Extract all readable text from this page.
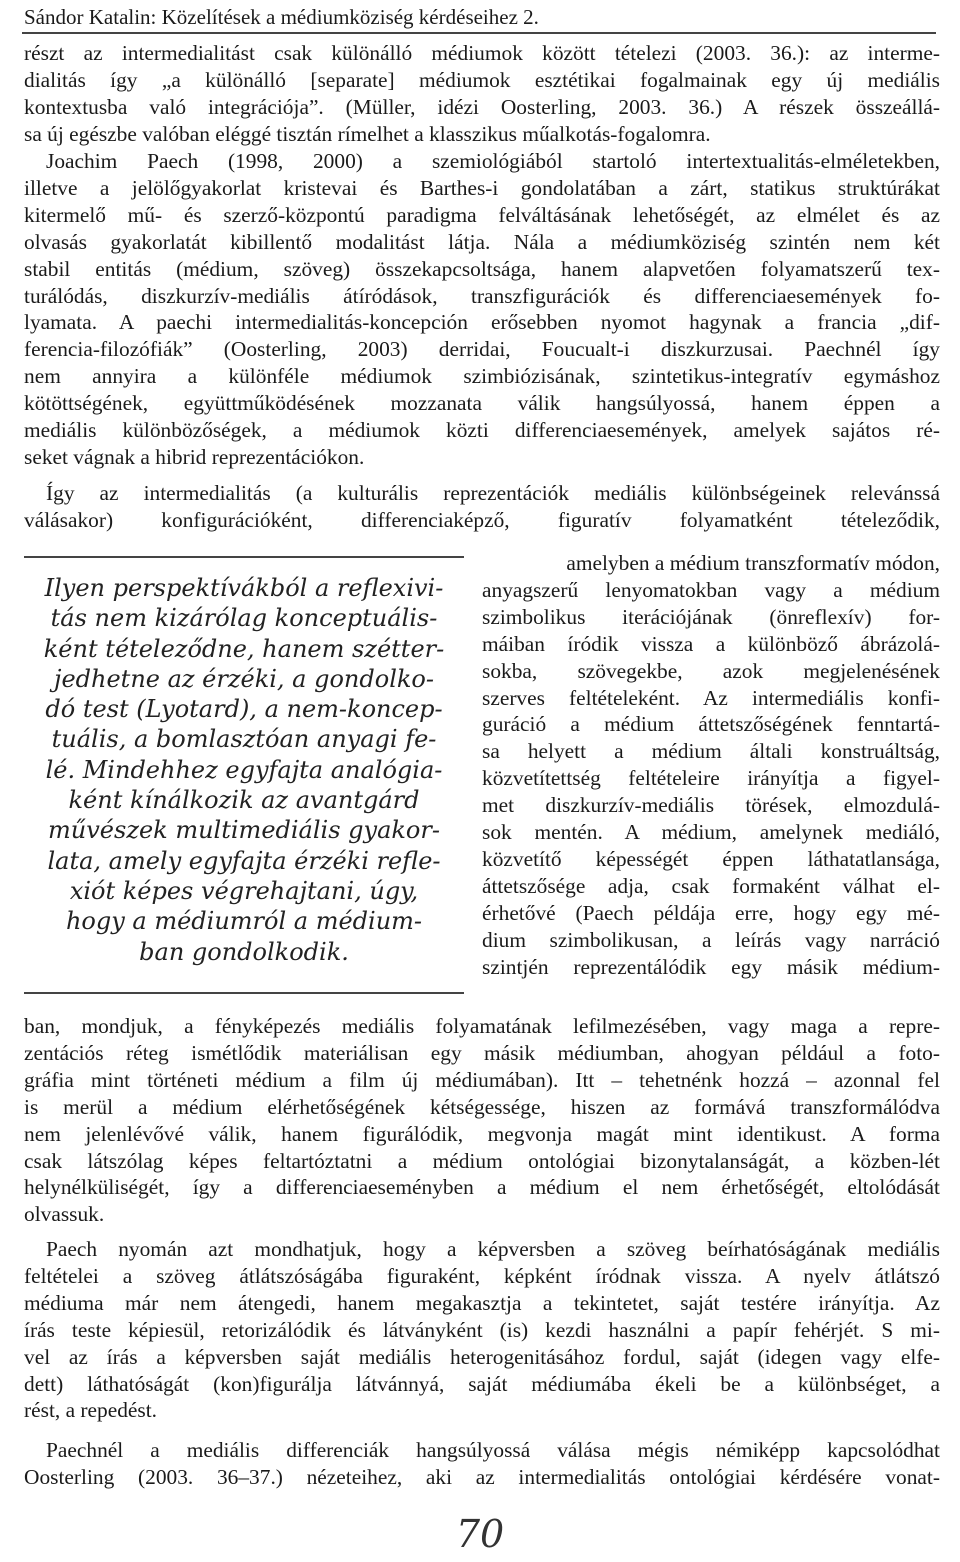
Sándor Katalin: Közelítések a médiumköziség kérdéseihez 2.
részt az intermedialitást csak különálló médiumok között tételezi (2003. 36.): az interme-
dialitás így „a különálló [separate] médiumok esztétikai fogalmainak egy új mediális
kontextusba való integrációja”. (Müller, idézi Oosterling, 2003. 36.) A részek összeállá-
sa új egészbe valóban eléggé tisztán rímelhet a klasszikus műalkotás-fogalomra.
Joachim Paech (1998, 2000) a szemiológiából startoló intertextualitás-elméletekben,
illetve a jelölőgyakorlat kristevai és Barthes-i gondolatában a zárt, statikus struktúrákat
kitermelő mű- és szerző-központú paradigma felváltásának lehetőségét, az elmélet és az
olvasás gyakorlatát kibillentő modalitást látja. Nála a médiumköziség szintén nem két
stabil entitás (médium, szöveg) összekapcsoltsága, hanem alapvetően folyamatszerű tex-
turálódás, diszkurzív-mediális átíródások, transzfigurációk és differenciaesemények fo-
lyamata. A paechi intermedialitás-koncepción erősebben nyomot hagynak a francia „dif-
ferencia-filozófiák” (Oosterling, 2003) derridai, Foucualt-i diszkurzusai. Paechnél így
nem annyira a különféle médiumok szimbiózisának, szintetikus-integratív egymáshoz
kötöttségének, együttműködésének mozzanata válik hangsúlyossá, hanem éppen a
mediális különbözőségek, a médiumok közti differenciaesemények, amelyek sajátos ré-
seket vágnak a hibrid reprezentációkon.
Így az intermedialitás (a kulturális reprezentációk mediális különbségeinek relevánssá
válásakor) konfigurációként, differenciaképző, figuratív folyamatként tételeződik,
Ilyen perspektívákból a reflexivi-
tás nem kizárólag konceptuális-
ként tételeződne, hanem szétter-
jedhetne az érzéki, a gondolko-
dó test (Lyotard), a nem-koncep-
tuális, a bomlasztóan anyagi fe-
lé. Mindehhez egyfajta analógia-
ként kínálkozik az avantgárd
művészek multimediális gyakor-
lata, amely egyfajta érzéki refle-
xiót képes végrehajtani, úgy,
hogy a médiumról a médium-
ban gondolkodik.
amelyben a médium transzformatív módon,
anyagszerű lenyomatokban vagy a médium
szimbolikus iterációjának (önreflexív) for-
máiban íródik vissza a különböző ábrázolá-
sokba, szövegekbe, azok megjelenésének
szerves feltételeként. Az intermediális konfi-
guráció a médium áttetszőségének fenntartá-
sa helyett a médium általi konstruáltság,
közvetítettség feltételeire irányítja a figyel-
met diszkurzív-mediális törések, elmozdulá-
sok mentén. A médium, amelynek mediáló,
közvetítő képességét éppen láthatatlansága,
áttetszősége adja, csak formaként válhat el-
érhetővé (Paech példája erre, hogy egy mé-
dium szimbolikusan, a leírás vagy narráció
szintjén reprezentálódik egy másik médium-
ban, mondjuk, a fényképezés mediális folyamatának lefilmezésében, vagy maga a repre-
zentációs réteg ismétlődik materiálisan egy másik médiumban, ahogyan például a foto-
gráfia mint történeti médium a film új médiumában). Itt – tehetnénk hozzá – azonnal fel
is merül a médium elérhetőségének kétségessége, hiszen az formává transzformálódva
nem jelenlévővé válik, hanem figurálódik, megvonja magát mint identikust. A forma
csak látszólag képes feltartóztatni a médium ontológiai bizonytalanságát, a közben-lét
helynélküliségét, így a differenciaeseményben a médium el nem érhetőségét, eltolódását
olvassuk.
Paech nyomán azt mondhatjuk, hogy a képversben a szöveg beírhatóságának mediális
feltételei a szöveg átlátszóságába figuraként, képként íródnak vissza. A nyelv átlátszó
médiuma már nem átengedi, hanem megakasztja a tekintetet, saját testére irányítja. Az
írás teste képiesül, retorizálódik és látványként (is) kezdi használni a papír fehérjét. S mi-
vel az írás a képversben saját mediális heterogenitásához fordul, saját (idegen vagy elfe-
dett) láthatóságát (kon)figurálja látvánnyá, saját médiumába ékeli be a különbséget, a
rést, a repedést.
Paechnél a mediális differenciák hangsúlyossá válása mégis némiképp kapcsolódhat
Oosterling (2003. 36–37.) nézeteihez, aki az intermedialitás ontológiai kérdésére vonat-
70
